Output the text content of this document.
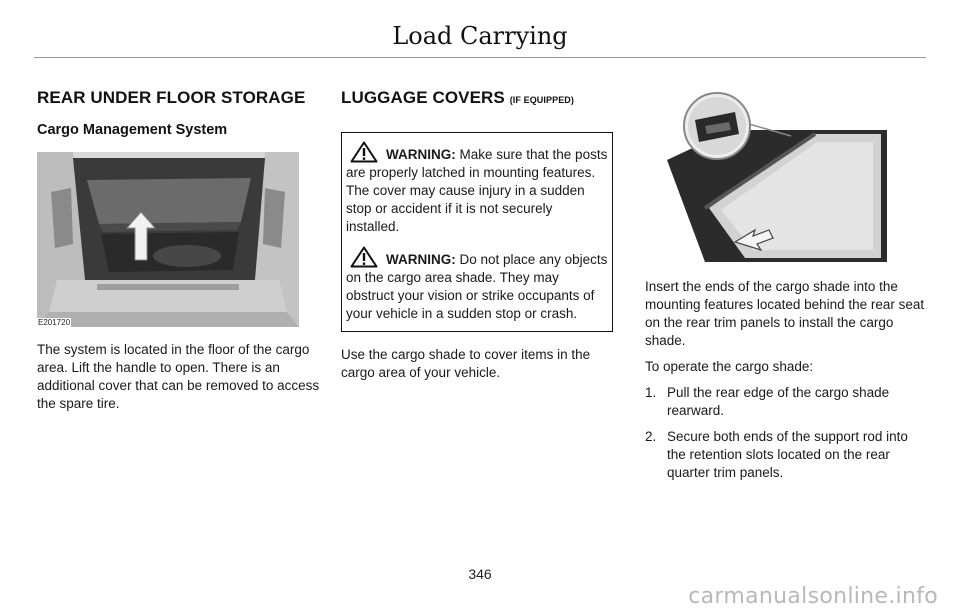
Load Carrying
REAR UNDER FLOOR STORAGE
Cargo Management System
E201720

The system is located in the floor of the cargo area. Lift the handle to open. There is an additional cover that can be removed to access the spare tire.

LUGGAGE COVERS (IF EQUIPPED)
WARNING: Make sure that the posts are properly latched in mounting features. The cover may cause injury in a sudden stop or accident if it is not securely installed.
WARNING: Do not place any objects on the cargo area shade. They may obstruct your vision or strike occupants of your vehicle in a sudden stop or crash.

Use the cargo shade to cover items in the cargo area of your vehicle.

Insert the ends of the cargo shade into the mounting features located behind the rear seat on the rear trim panels to install the cargo shade.

To operate the cargo shade:

1. Pull the rear edge of the cargo shade rearward.
2. Secure both ends of the support rod into the retention slots located on the rear quarter trim panels.
346
carmanualsonline.info
